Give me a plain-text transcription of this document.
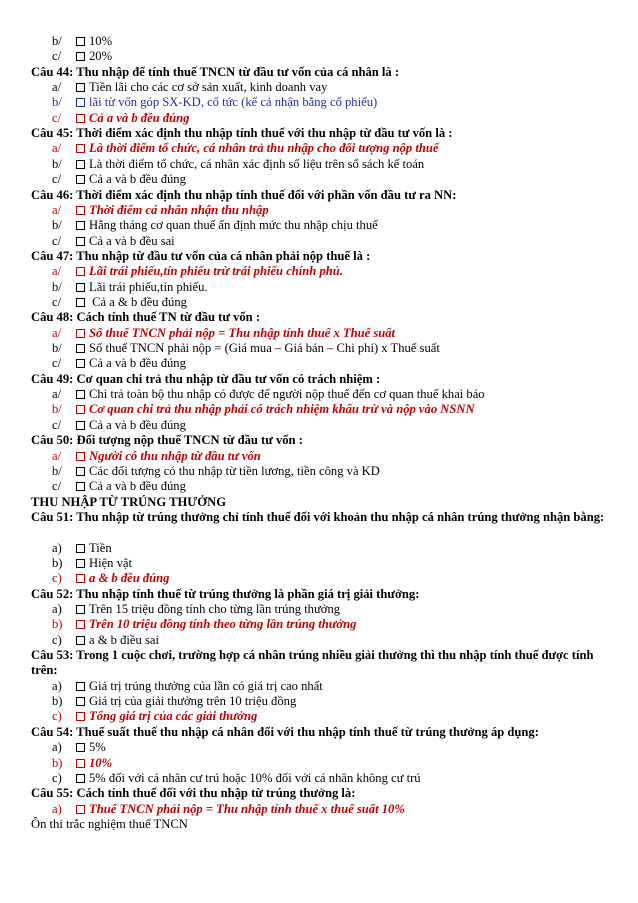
b/ 10%
c/ 20%
Câu 44: Thu nhập để tính thuế TNCN từ đầu tư vốn của cá nhân là :
a/ Tiền lãi cho các cơ sở sản xuất, kinh doanh vay
b/ lãi từ vốn góp SX-KD, cổ tức (kể cả nhận bằng cổ phiếu)
c/ Cả a và b đều đúng
Câu 45: Thời điểm xác định thu nhập tính thuế với thu nhập từ đầu tư vốn là :
a/ Là thời điểm tổ chức, cá nhân trả thu nhập cho đối tượng nộp thuế
b/ Là thời điểm tổ chức, cá nhân xác định số liệu trên sổ sách kế toán
c/ Cả a và b đều đúng
Câu 46: Thời điểm xác định thu nhập tính thuế đối với phần vốn đầu tư ra NN:
a/ Thời điểm cá nhân nhận thu nhập
b/ Hằng tháng cơ quan thuế ấn định mức thu nhập chịu thuế
c/ Cả a và b đều sai
Câu 47: Thu nhập từ đầu tư vốn của cá nhân phải nộp thuế là :
a/ Lãi trái phiếu,tín phiếu trừ trái phiếu chính phủ.
b/ Lãi trái phiếu,tín phiếu.
c/ Cả a & b đều đúng
Câu 48: Cách tính thuế TN từ đầu tư vốn :
a/ Số thuế TNCN phải nộp = Thu nhập tính thuế x Thuế suất
b/ Số thuế TNCN phải nộp = (Giá mua – Giá bán – Chi phí) x Thuế suất
c/ Cả a và b đều đúng
Câu 49: Cơ quan chi trả thu nhập từ đầu tư vốn có trách nhiệm :
a/ Chi trả toàn bộ thu nhập có được để người nộp thuế đến cơ quan thuế khai báo
b/ Cơ quan chi trả thu nhập phải có trách nhiệm khấu trừ và nộp vào NSNN
c/ Cả a và b đều đúng
Câu 50: Đối tượng nộp thuế TNCN từ đầu tư vốn :
a/ Người có thu nhập từ đầu tư vốn
b/ Các đối tượng có thu nhập từ tiền lương, tiền công và KD
c/ Cả a và b đều đúng
THU NHẬP TỪ TRÚNG THƯỞNG
Câu 51: Thu nhập từ trúng thưởng chỉ tính thuế đối với khoản thu nhập cá nhân trúng thưởng nhận bằng:
a) Tiền
b) Hiện vật
c) a & b đều đúng
Câu 52: Thu nhập tính thuế từ trúng thưởng là phần giá trị giải thưởng:
a) Trên 15 triệu đồng tính cho từng lần trúng thưởng
b) Trên 10 triệu đồng tính theo từng lần trúng thưởng
c) a & b điều sai
Câu 53: Trong 1 cuộc chơi, trường hợp cá nhân trúng nhiều giải thưởng thì thu nhập tính thuế được tính trên:
a) Giá trị trúng thưởng của lần có giá trị cao nhất
b) Giá trị của giải thưởng trên 10 triệu đồng
c) Tổng giá trị của các giải thưởng
Câu 54: Thuế suất thuế thu nhập cá nhân đối với thu nhập tính thuế từ trúng thưởng áp dụng:
a) 5%
b) 10%
c) 5% đối với cá nhân cư trú hoặc 10% đối với cá nhân không cư trú
Câu 55: Cách tính thuế đối với thu nhập từ trúng thưởng là:
a) Thuế TNCN phải nộp = Thu nhập tính thuế x thuế suất 10%
Ôn thi trắc nghiệm thuế TNCN
